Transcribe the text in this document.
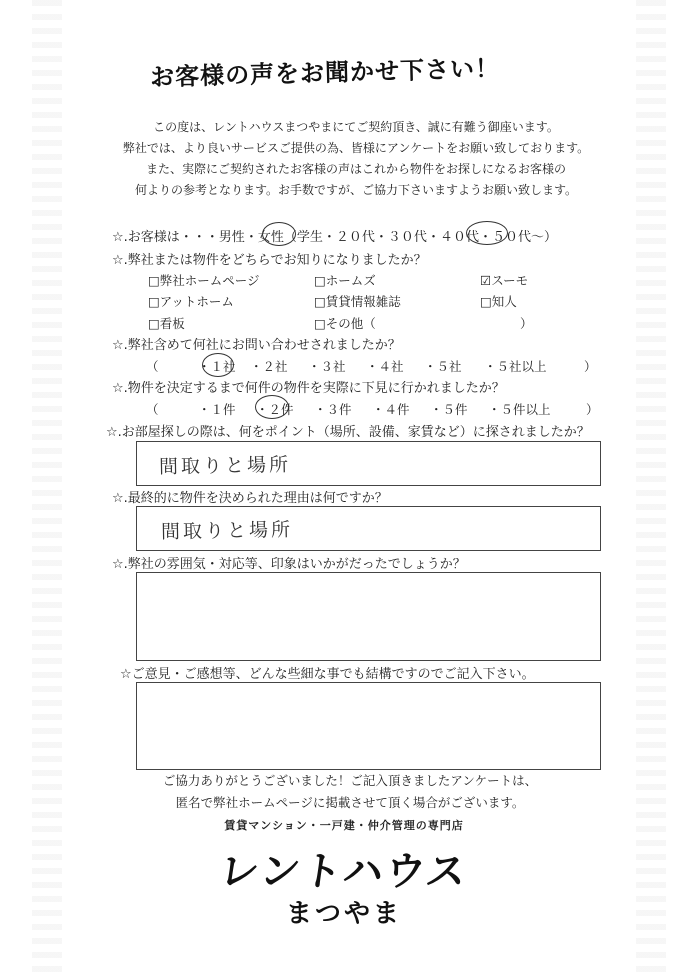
お客様の声をお聞かせ下さい！
この度は、レントハウスまつやまにてご契約頂き、誠に有難う御座います。
弊社では、より良いサービスご提供の為、皆様にアンケートをお願い致しております。
また、実際にご契約されたお客様の声はこれから物件をお探しになるお客様の
何よりの参考となります。お手数ですが、ご協力下さいますようお願い致します。
☆.お客様は・・・男性・女性（学生・２０代・３０代・４０代・５０代〜）
☆.弊社または物件をどちらでお知りになりましたか？
□弊社ホームページ	□ホームズ	☑スーモ
□アットホーム	□賃貸情報雑誌	□知人
□看板	□その他（	）
☆.弊社含めて何社にお問い合わせされましたか？
（	・１社 ・２社 ・３社 ・４社 ・５社 ・５社以上	）
☆.物件を決定するまで何件の物件を実際に下見に行かれましたか？
（	・１件 ・２件 ・３件 ・４件 ・５件 ・５件以上	）
☆.お部屋探しの際は、何をポイント（場所、設備、家賃など）に探されましたか？
間取りと場所
☆.最終的に物件を決められた理由は何ですか？
間取りと場所
☆.弊社の雰囲気・対応等、印象はいかがだったでしょうか？
☆ご意見・ご感想等、どんな些細な事でも結構ですのでご記入下さい。
ご協力ありがとうございました！ご記入頂きましたアンケートは、
匿名で弊社ホームページに掲載させて頂く場合がございます。
賃貸マンション・一戸建・仲介管理の専門店
レントハウス
まつやま
